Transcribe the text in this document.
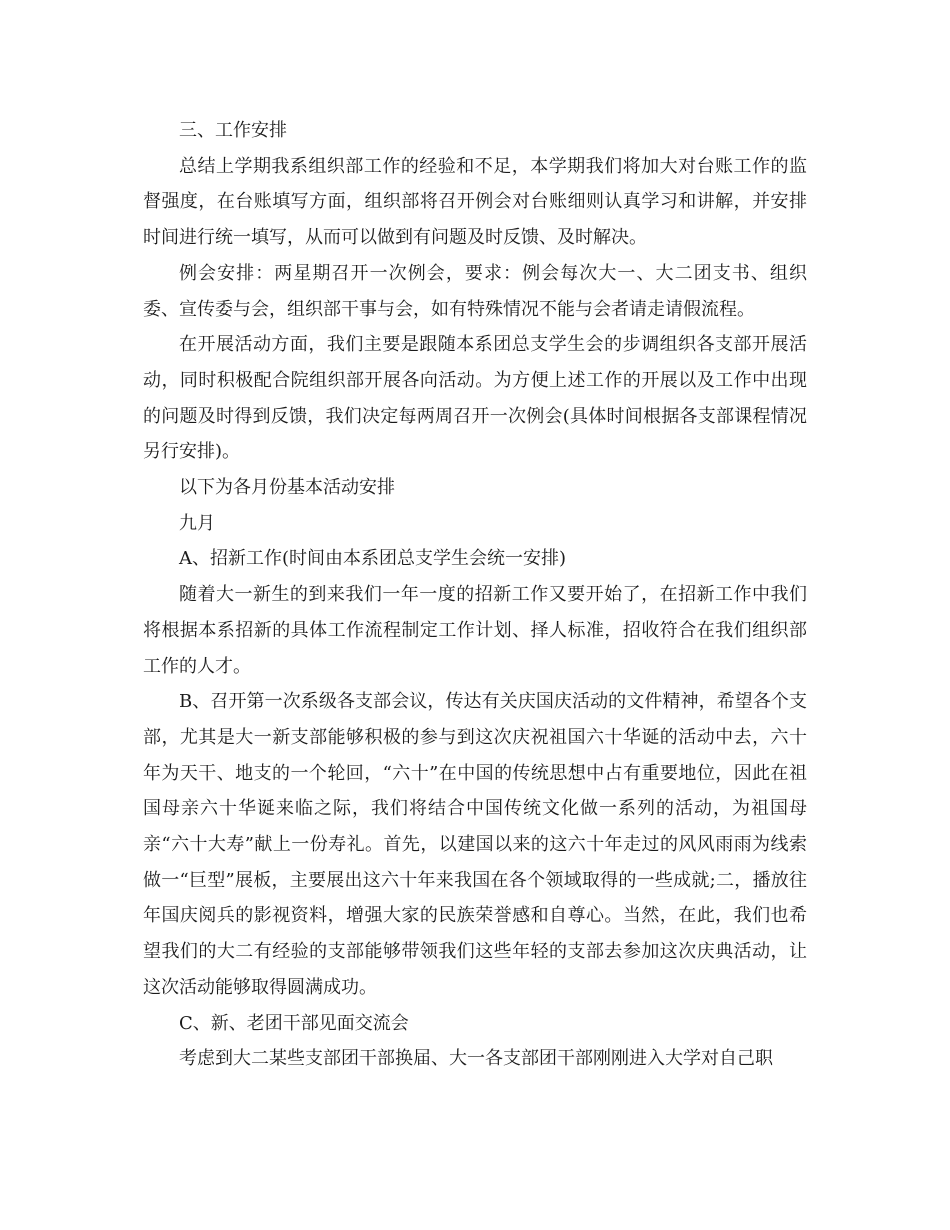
三、工作安排

总结上学期我系组织部工作的经验和不足，本学期我们将加大对台账工作的监督强度，在台账填写方面，组织部将召开例会对台账细则认真学习和讲解，并安排时间进行统一填写，从而可以做到有问题及时反馈、及时解决。

例会安排：两星期召开一次例会，要求：例会每次大一、大二团支书、组织委、宣传委与会，组织部干事与会，如有特殊情况不能与会者请走请假流程。

在开展活动方面，我们主要是跟随本系团总支学生会的步调组织各支部开展活动，同时积极配合院组织部开展各向活动。为方便上述工作的开展以及工作中出现的问题及时得到反馈，我们决定每两周召开一次例会(具体时间根据各支部课程情况另行安排)。

以下为各月份基本活动安排

九月

A、招新工作(时间由本系团总支学生会统一安排)

随着大一新生的到来我们一年一度的招新工作又要开始了，在招新工作中我们将根据本系招新的具体工作流程制定工作计划、择人标准，招收符合在我们组织部工作的人才。

B、召开第一次系级各支部会议，传达有关庆国庆活动的文件精神，希望各个支部，尤其是大一新支部能够积极的参与到这次庆祝祖国六十华诞的活动中去，六十年为天干、地支的一个轮回，“六十”在中国的传统思想中占有重要地位，因此在祖国母亲六十华诞来临之际，我们将结合中国传统文化做一系列的活动，为祖国母亲“六十大寿”献上一份寿礼。首先，以建国以来的这六十年走过的风风雨雨为线索做一“巨型”展板，主要展出这六十年来我国在各个领域取得的一些成就;二，播放往年国庆阅兵的影视资料，增强大家的民族荣誉感和自尊心。当然，在此，我们也希望我们的大二有经验的支部能够带领我们这些年轻的支部去参加这次庆典活动，让这次活动能够取得圆满成功。

C、新、老团干部见面交流会

考虑到大二某些支部团干部换届、大一各支部团干部刚刚进入大学对自己职
